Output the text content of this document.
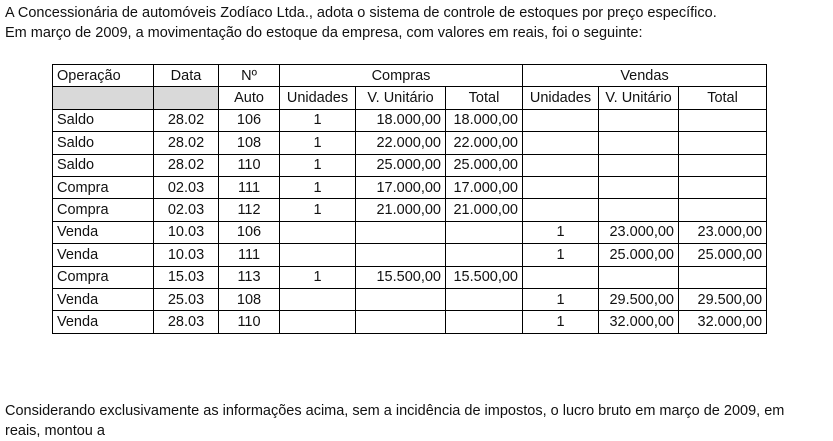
A Concessionária de automóveis Zodíaco Ltda., adota o sistema de controle de estoques por preço específico.

Em março de 2009, a movimentação do estoque da empresa, com valores em reais, foi o seguinte:

Operação	Data	Nº	Compras			Vendas		
		Auto	Unidades	V. Unitário	Total	Unidades	V. Unitário	Total
Saldo	28.02	106	1	18.000,00	18.000,00			
Saldo	28.02	108	1	22.000,00	22.000,00			
Saldo	28.02	110	1	25.000,00	25.000,00			
Compra	02.03	111	1	17.000,00	17.000,00			
Compra	02.03	112	1	21.000,00	21.000,00			
Venda	10.03	106				1	23.000,00	23.000,00
Venda	10.03	111				1	25.000,00	25.000,00
Compra	15.03	113	1	15.500,00	15.500,00			
Venda	25.03	108				1	29.500,00	29.500,00
Venda	28.03	110				1	32.000,00	32.000,00

Considerando exclusivamente as informações acima, sem a incidência de impostos, o lucro bruto em março de 2009, em

reais, montou a
